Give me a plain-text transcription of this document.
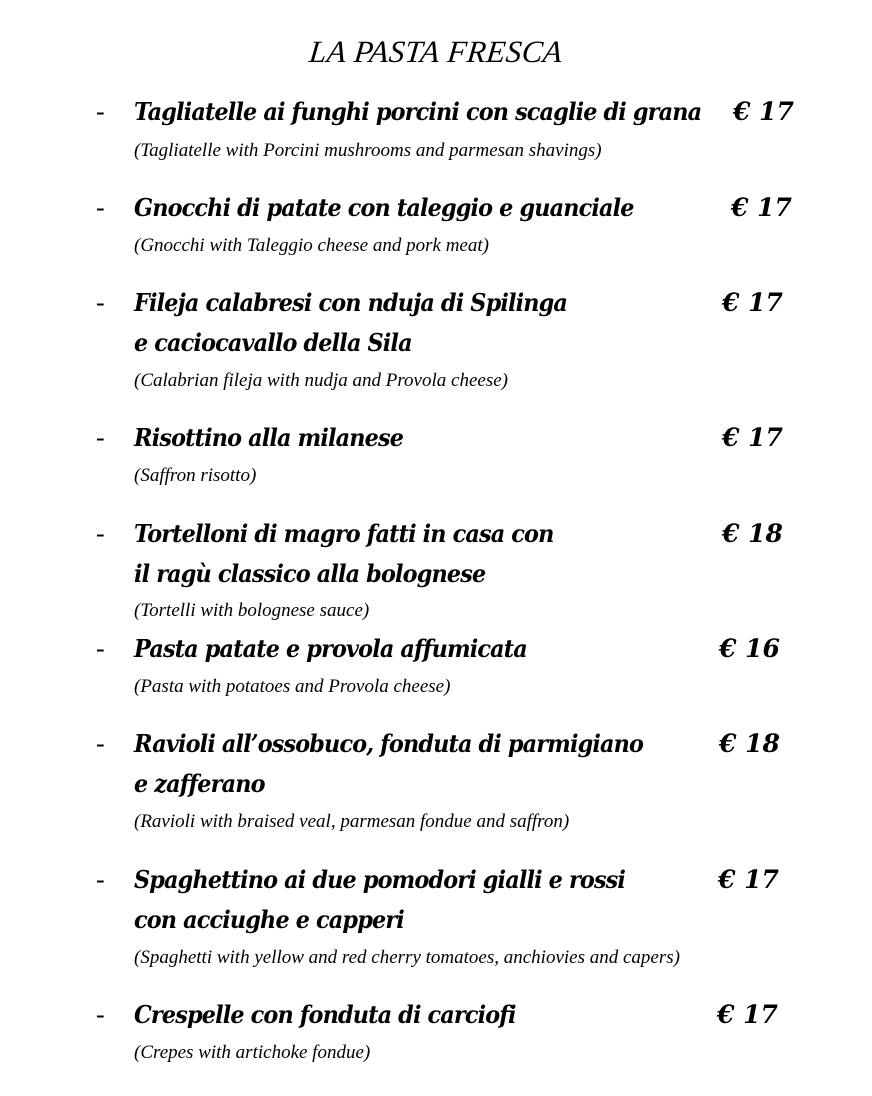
LA PASTA FRESCA
- Tagliatelle ai funghi porcini con scaglie di grana € 17
(Tagliatelle with Porcini mushrooms and parmesan shavings)
- Gnocchi di patate con taleggio e guanciale	€ 17
(Gnocchi with Taleggio cheese and pork meat)
- Fileja calabresi con nduja di Spilinga
e caciocavallo della Sila
€ 17
(Calabrian fileja with nudja and Provola cheese)
- Risottino alla milanese	€ 17
(Saffron risotto)
- Tortelloni di magro fatti in casa con
il ragù classico alla bolognese
€ 18
(Tortelli with bolognese sauce)
- Pasta patate e provola affumicata	€ 16
(Pasta with potatoes and Provola cheese)
- Ravioli all’ossobuco, fonduta di parmigiano
e zafferano
€ 18
(Ravioli with braised veal, parmesan fondue and saffron)
- Spaghettino ai due pomodori gialli e rossi
con acciughe e capperi
€ 17
(Spaghetti with yellow and red cherry tomatoes, anchiovies and capers)
- Crespelle con fonduta di carciofi	€ 17
(Crepes with artichoke fondue)
